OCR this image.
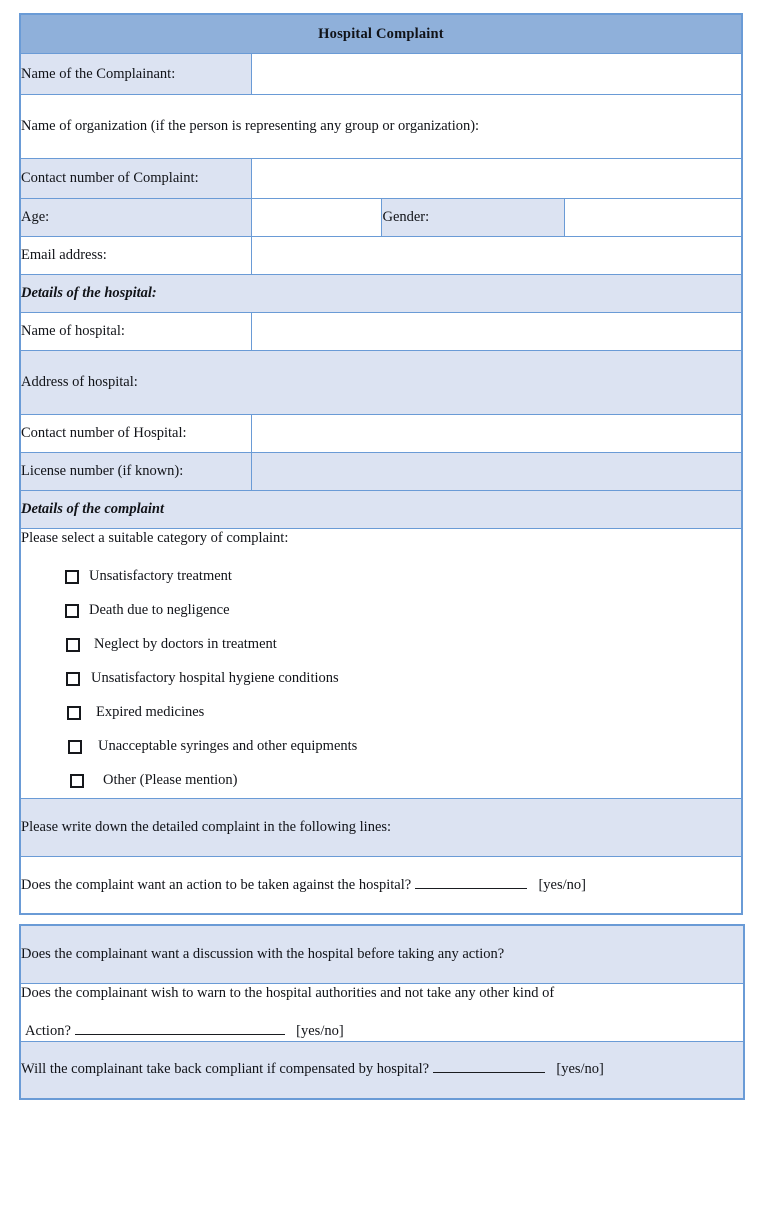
Hospital Complaint			
Name of the Complainant:			
Name of organization (if the person is representing any group or organization):			
Contact number of Complaint:			
Age:		Gender:	
Email address:			
Details of the hospital:			
Name of hospital:			
Address of hospital:			
Contact number of Hospital:			
License number (if known):			
Details of the complaint			

Please select a suitable category of complaint:
Unsatisfactory treatment
Death due to negligence
Neglect by doctors in treatment
Unsatisfactory hospital hygiene conditions
Expired medicines
Unacceptable syringes and other equipments
Other (Please mention)

Please write down the detailed complaint in the following lines:			
Does the complaint want an action to be taken against the hospital? [yes/no]			
Does the complainant want a discussion with the hospital before taking any action?

Does the complainant wish to warn to the hospital authorities and not take any other kind of
Action?	[yes/no]

Will the complainant take back compliant if compensated by hospital?	[yes/no]
